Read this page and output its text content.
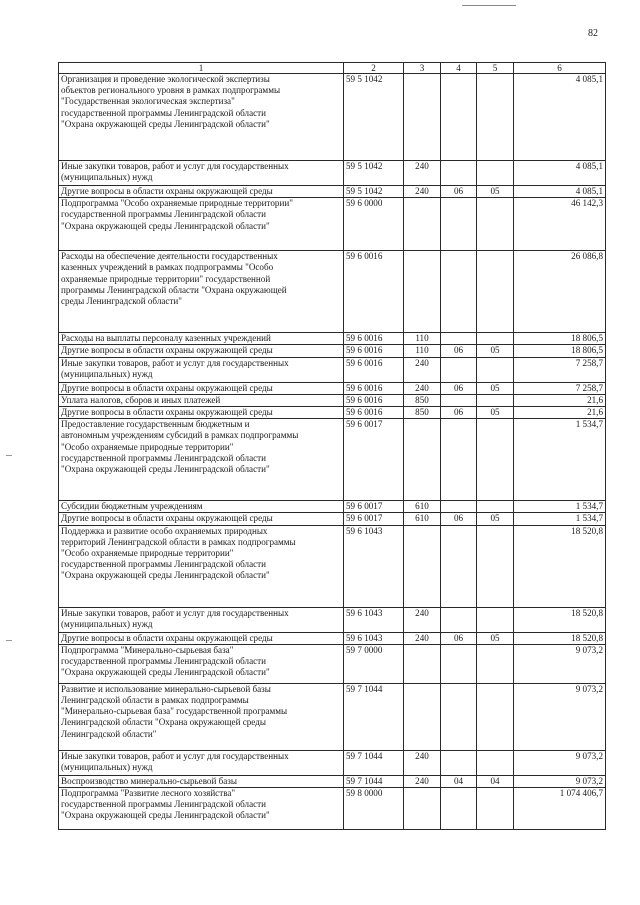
82
1	2	3	4	5	6
Организация и проведение экологической экспертизы
объектов регионального уровня в рамках подпрограммы
"Государственная экологическая экспертиза"
государственной программы Ленинградской области
"Охрана окружающей среды Ленинградской области"	59 5 1042				4 085,1
Иные закупки товаров, работ и услуг для государственных
(муниципальных) нужд	59 5 1042	240			4 085,1
Другие вопросы в области охраны окружающей среды	59 5 1042	240	06	05	4 085,1
Подпрограмма "Особо охраняемые природные территории"
государственной программы Ленинградской области
"Охрана окружающей среды Ленинградской области"	59 6 0000				46 142,3
Расходы на обеспечение деятельности государственных
казенных учреждений в рамках подпрограммы "Особо
охраняемые природные территории" государственной
программы Ленинградской области "Охрана окружающей
среды Ленинградской области"	59 6 0016				26 086,8
Расходы на выплаты персоналу казенных учреждений	59 6 0016	110			18 806,5
Другие вопросы в области охраны окружающей среды	59 6 0016	110	06	05	18 806,5
Иные закупки товаров, работ и услуг для государственных
(муниципальных) нужд	59 6 0016	240			7 258,7
Другие вопросы в области охраны окружающей среды	59 6 0016	240	06	05	7 258,7
Уплата налогов, сборов и иных платежей	59 6 0016	850			21,6
Другие вопросы в области охраны окружающей среды	59 6 0016	850	06	05	21,6
Предоставление государственным бюджетным и
автономным учреждениям субсидий в рамках подпрограммы
"Особо охраняемые природные территории"
государственной программы Ленинградской области
"Охрана окружающей среды Ленинградской области"	59 6 0017				1 534,7
Субсидии бюджетным учреждениям	59 6 0017	610			1 534,7
Другие вопросы в области охраны окружающей среды	59 6 0017	610	06	05	1 534,7
Поддержка и развитие особо охраняемых природных
территорий Ленинградской области в рамках подпрограммы
"Особо охраняемые природные территории"
государственной программы Ленинградской области
"Охрана окружающей среды Ленинградской области"	59 6 1043				18 520,8
Иные закупки товаров, работ и услуг для государственных
(муниципальных) нужд	59 6 1043	240			18 520,8
Другие вопросы в области охраны окружающей среды	59 6 1043	240	06	05	18 520,8
Подпрограмма "Минерально-сырьевая база"
государственной программы Ленинградской области
"Охрана окружающей среды Ленинградской области"	59 7 0000				9 073,2
Развитие и использование минерально-сырьевой базы
Ленинградской области в рамках подпрограммы
"Минерально-сырьевая база" государственной программы
Ленинградской области "Охрана окружающей среды
Ленинградской области"	59 7 1044				9 073,2
Иные закупки товаров, работ и услуг для государственных
(муниципальных) нужд	59 7 1044	240			9 073,2
Воспроизводство минерально-сырьевой базы	59 7 1044	240	04	04	9 073,2
Подпрограмма "Развитие лесного хозяйства"
государственной программы Ленинградской области
"Охрана окружающей среды Ленинградской области"	59 8 0000				1 074 406,7
